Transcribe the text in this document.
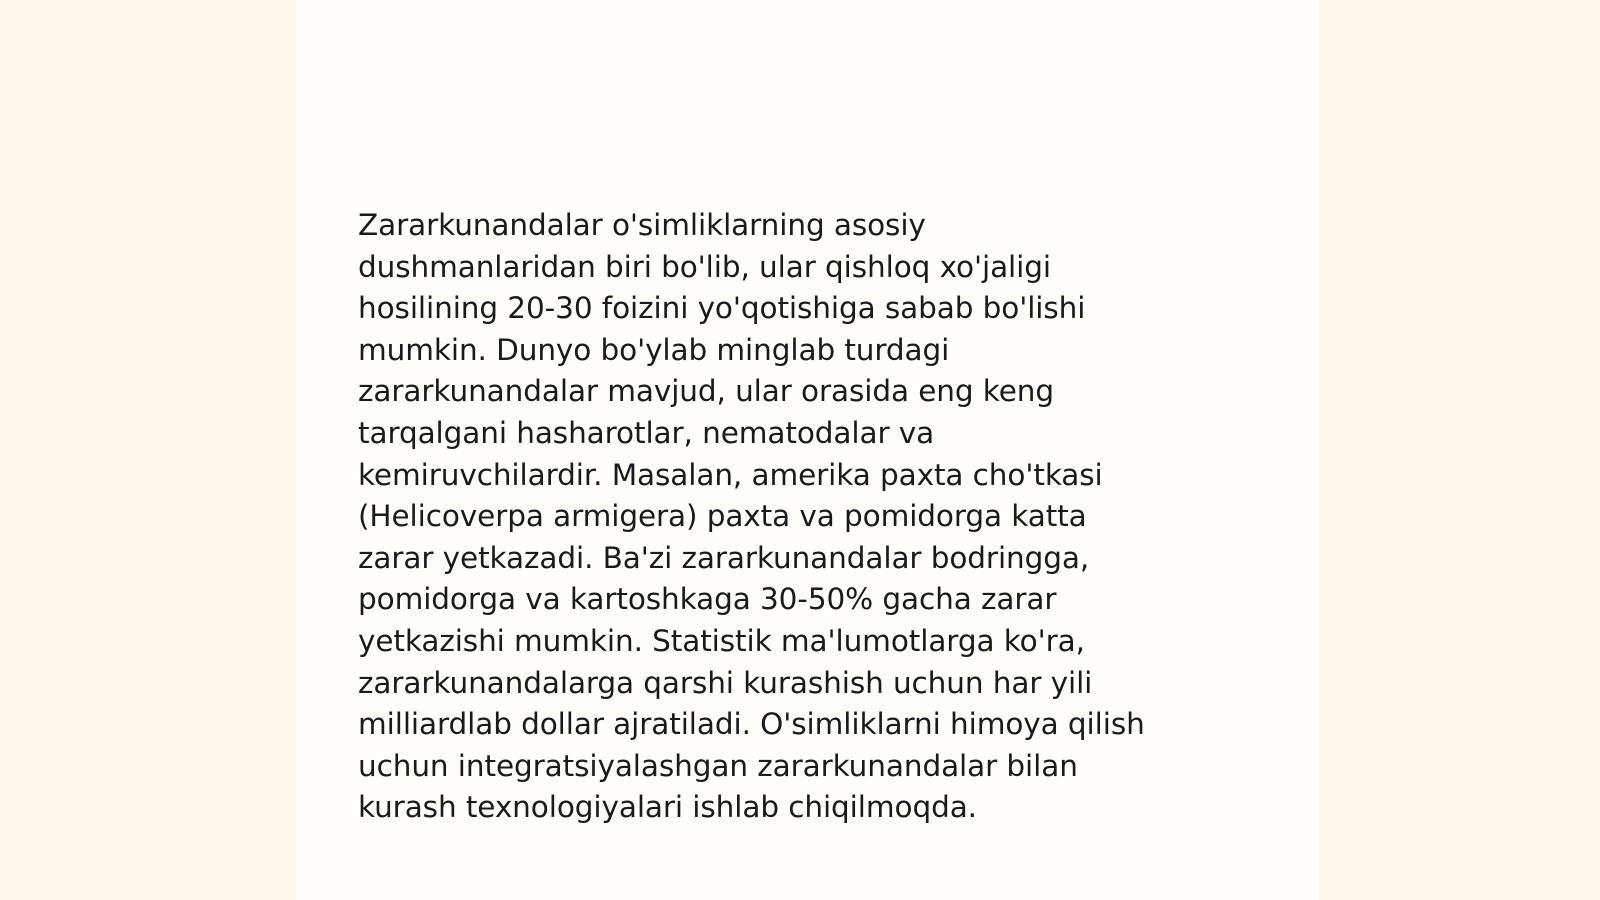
Zararkunandalar o'simliklarning asosiy
dushmanlaridan biri bo'lib, ular qishloq xo'jaligi
hosilining 20-30 foizini yo'qotishiga sabab bo'lishi
mumkin. Dunyo bo'ylab minglab turdagi
zararkunandalar mavjud, ular orasida eng keng
tarqalgani hasharotlar, nematodalar va
kemiruvchilardir. Masalan, amerika paxta cho'tkasi
(Helicoverpa armigera) paxta va pomidorga katta
zarar yetkazadi. Ba'zi zararkunandalar bodringga,
pomidorga va kartoshkaga 30-50% gacha zarar
yetkazishi mumkin. Statistik ma'lumotlarga ko'ra,
zararkunandalarga qarshi kurashish uchun har yili
milliardlab dollar ajratiladi. O'simliklarni himoya qilish
uchun integratsiyalashgan zararkunandalar bilan
kurash texnologiyalari ishlab chiqilmoqda.
